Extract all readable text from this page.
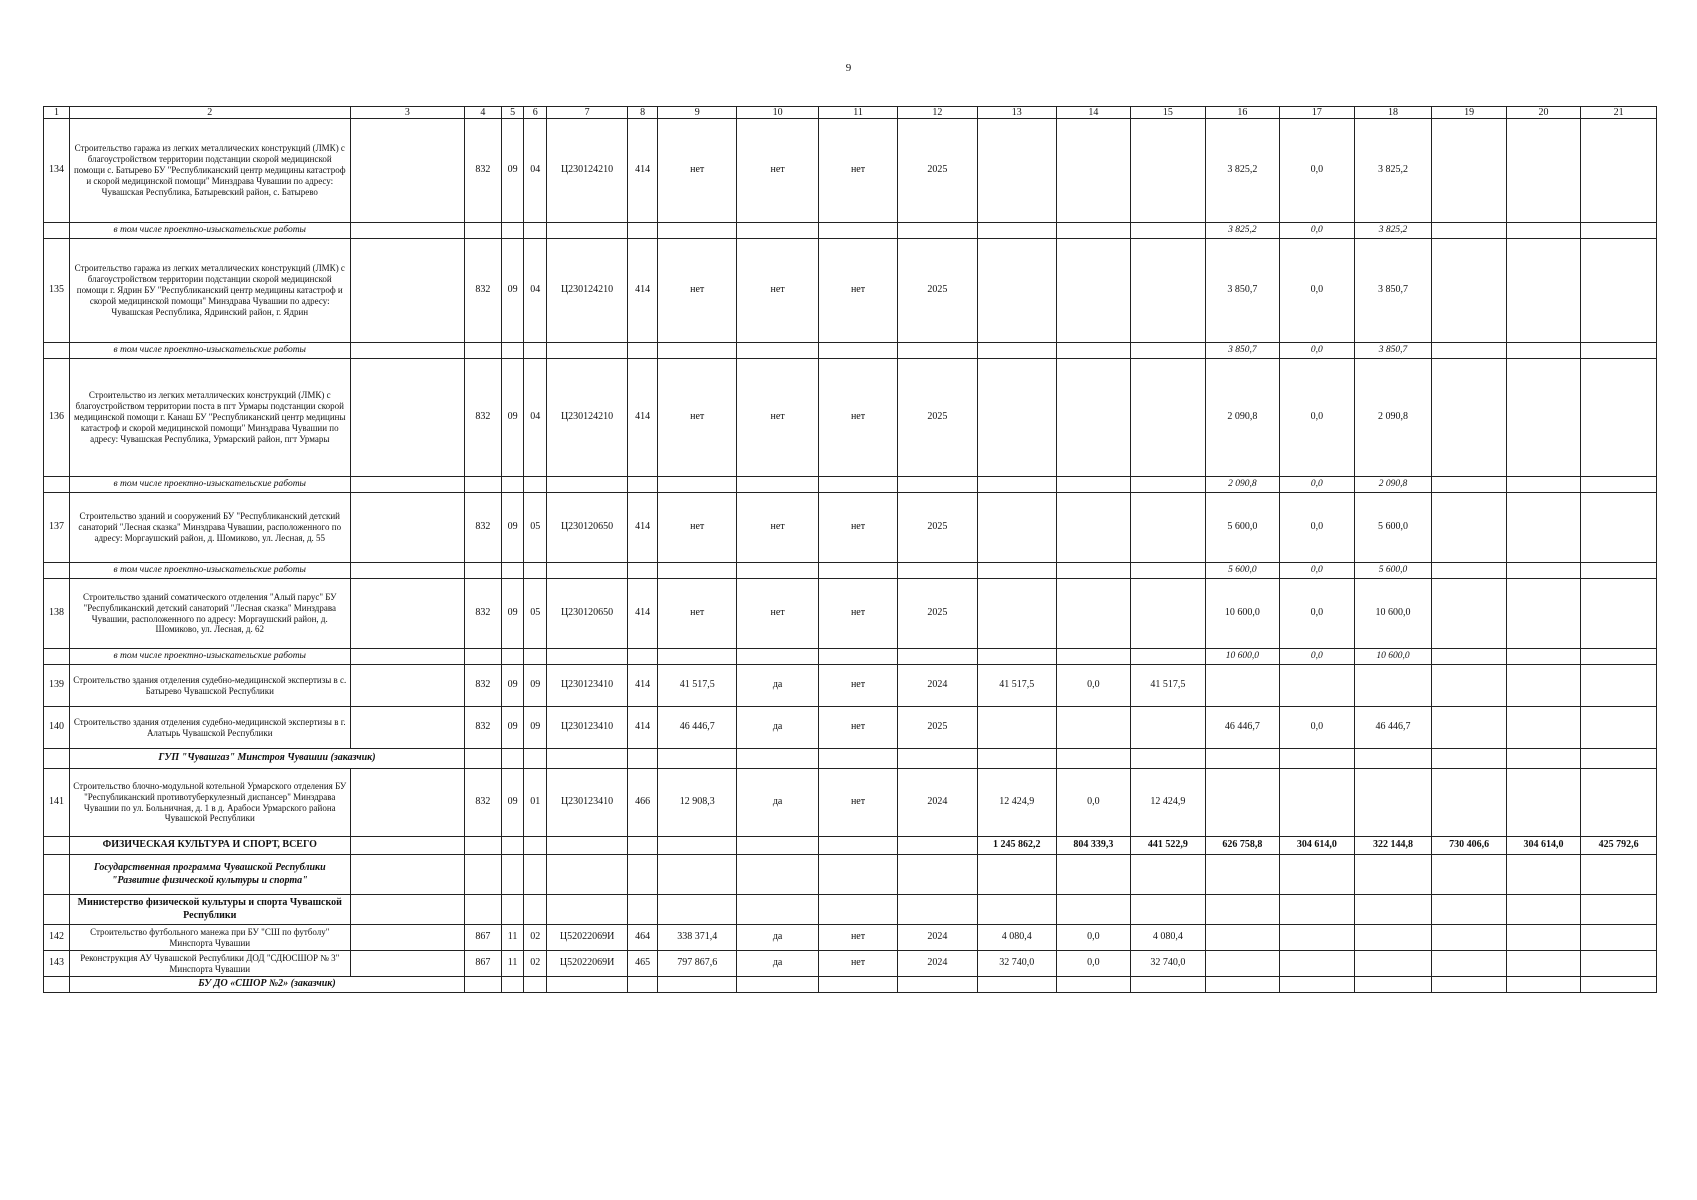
9
1	2	3	4	5	6	7	8	9	10	11	12	13	14	15	16	17	18	19	20	21
134	Строительство гаража из легких металлических конструкций (ЛМК) с благоустройством территории подстанции скорой медицинской помощи с. Батырево БУ "Республиканский центр медицины катастроф и скорой медицинской помощи" Минздрава Чувашии по адресу: Чувашская Республика, Батыревский район, с. Батырево		832	09	04	Ц230124210	414	нет	нет	нет	2025				3 825,2	0,0	3 825,2			
	в том числе проектно-изыскательские работы														3 825,2	0,0	3 825,2			
135	Строительство гаража из легких металлических конструкций (ЛМК) с благоустройством территории подстанции скорой медицинской помощи г. Ядрин БУ "Республиканский центр медицины катастроф и скорой медицинской помощи" Минздрава Чувашии по адресу: Чувашская Республика, Ядринский район, г. Ядрин		832	09	04	Ц230124210	414	нет	нет	нет	2025				3 850,7	0,0	3 850,7			
	в том числе проектно-изыскательские работы														3 850,7	0,0	3 850,7			
136	Строительство из легких металлических конструкций (ЛМК) с благоустройством территории поста в пгт Урмары подстанции скорой медицинской помощи г. Канаш БУ "Республиканский центр медицины катастроф и скорой медицинской помощи" Минздрава Чувашии по адресу: Чувашская Республика, Урмарский район, пгт Урмары		832	09	04	Ц230124210	414	нет	нет	нет	2025				2 090,8	0,0	2 090,8			
	в том числе проектно-изыскательские работы														2 090,8	0,0	2 090,8			
137	Строительство зданий и сооружений БУ "Республиканский детский санаторий "Лесная сказка" Минздрава Чувашии, расположенного по адресу: Моргаушский район, д. Шомиково, ул. Лесная, д. 55		832	09	05	Ц230120650	414	нет	нет	нет	2025				5 600,0	0,0	5 600,0			
	в том числе проектно-изыскательские работы														5 600,0	0,0	5 600,0			
138	Строительство зданий соматического отделения "Алый парус" БУ "Республиканский детский санаторий "Лесная сказка" Минздрава Чувашии, расположенного по адресу: Моргаушский район, д. Шомиково, ул. Лесная, д. 62		832	09	05	Ц230120650	414	нет	нет	нет	2025				10 600,0	0,0	10 600,0			
	в том числе проектно-изыскательские работы														10 600,0	0,0	10 600,0			
139	Строительство здания отделения судебно-медицинской экспертизы в с. Батырево Чувашской Республики		832	09	09	Ц230123410	414	41 517,5	да	нет	2024	41 517,5	0,0	41 517,5						
140	Строительство здания отделения судебно-медицинской экспертизы в г. Алатырь Чувашской Республики		832	09	09	Ц230123410	414	46 446,7	да	нет	2025				46 446,7	0,0	46 446,7			
	ГУП "Чувашгаз" Минстроя Чувашии (заказчик)																			
141	Строительство блочно-модульной котельной Урмарского отделения БУ "Республиканский противотуберкулезный диспансер" Минздрава Чувашии по ул. Больничная, д. 1 в д. Арабоси Урмарского района Чувашской Республики		832	09	01	Ц230123410	466	12 908,3	да	нет	2024	12 424,9	0,0	12 424,9						
	ФИЗИЧЕСКАЯ КУЛЬТУРА И СПОРТ, ВСЕГО											1 245 862,2	804 339,3	441 522,9	626 758,8	304 614,0	322 144,8	730 406,6	304 614,0	425 792,6
	Государственная программа Чувашской Республики "Развитие физической культуры и спорта"																			
	Министерство физической культуры и спорта Чувашской Республики																			
142	Строительство футбольного манежа при БУ "СШ по футболу" Минспорта Чувашии		867	11	02	Ц52022069И	464	338 371,4	да	нет	2024	4 080,4	0,0	4 080,4						
143	Реконструкция АУ Чувашской Республики ДОД "СДЮСШОР № 3" Минспорта Чувашии		867	11	02	Ц52022069И	465	797 867,6	да	нет	2024	32 740,0	0,0	32 740,0						
	БУ ДО «СШОР №2» (заказчик)																			
